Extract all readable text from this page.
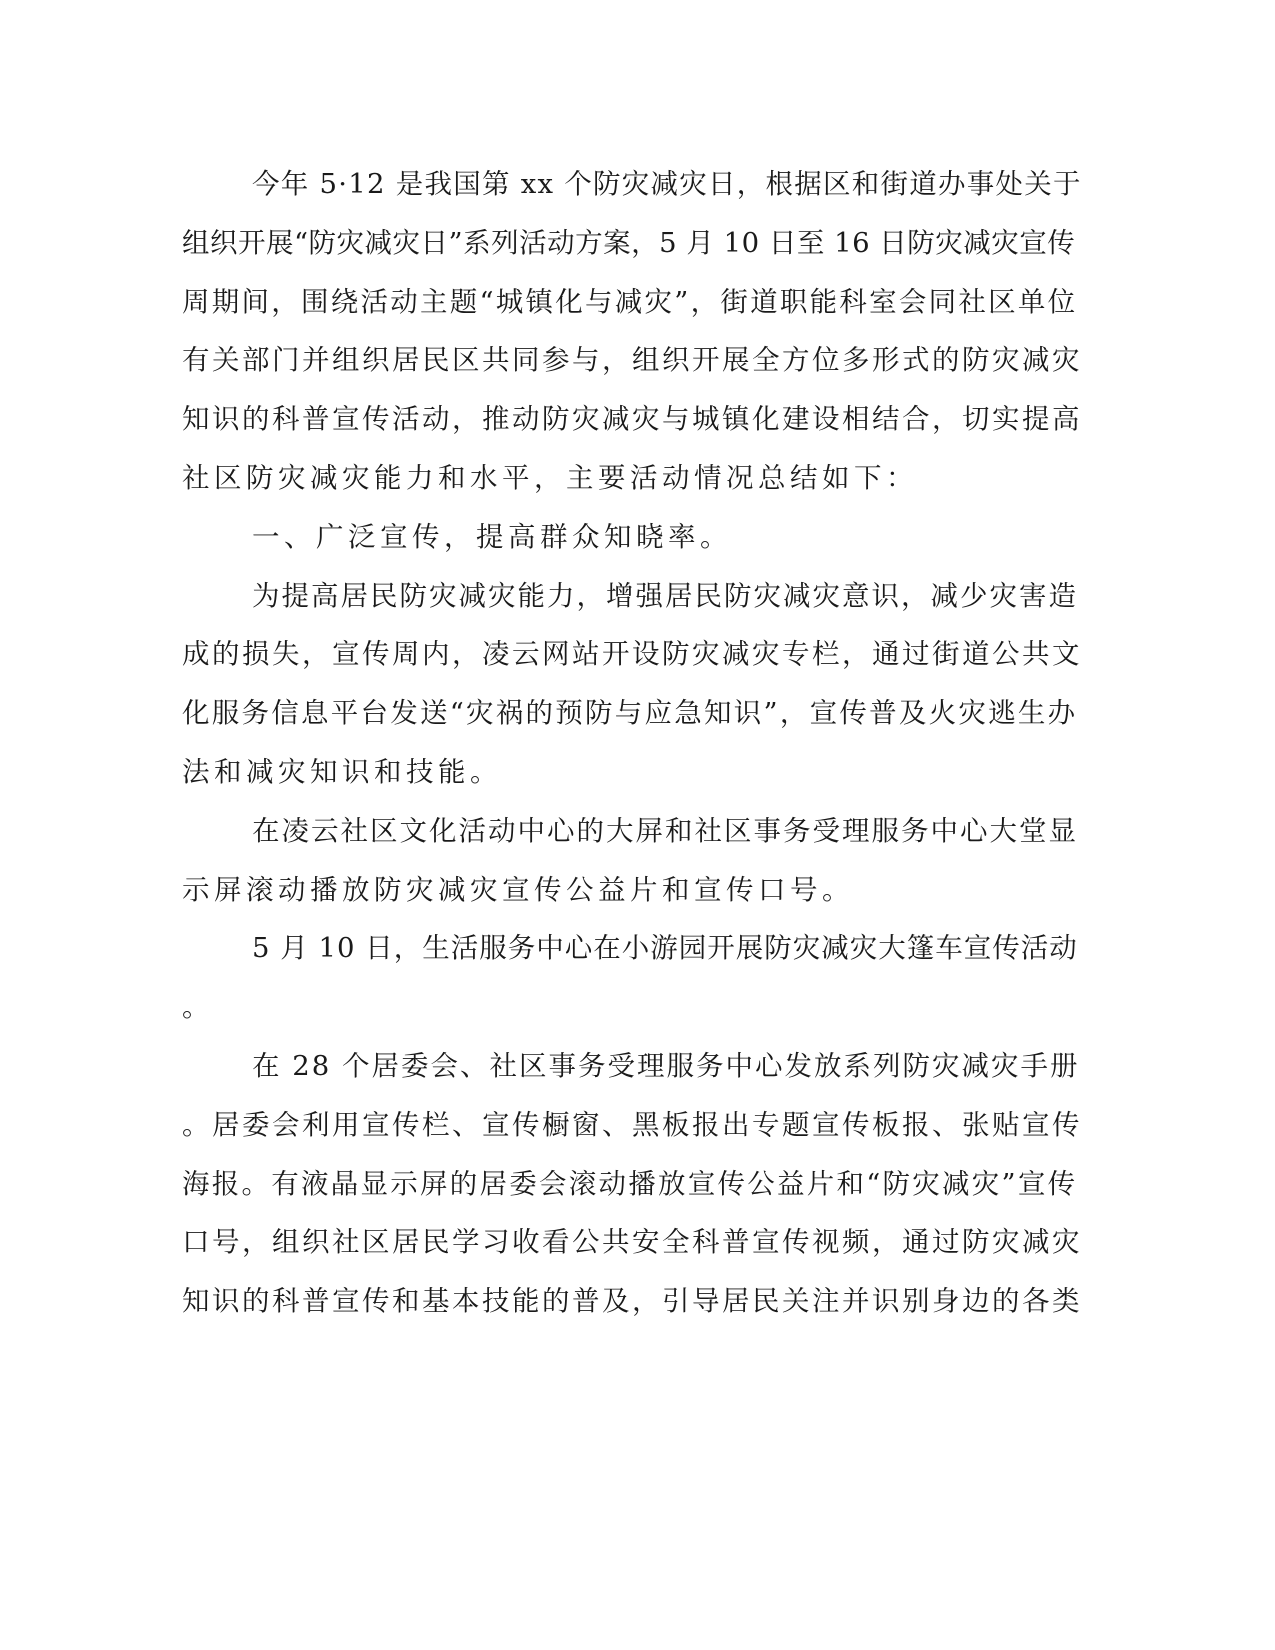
今年 5·12 是我国第 xx 个防灾减灾日，根据区和街道办事处关于
组织开展“防灾减灾日”系列活动方案，5 月 10 日至 16 日防灾减灾宣传
周期间，围绕活动主题“城镇化与减灾”，街道职能科室会同社区单位
有关部门并组织居民区共同参与，组织开展全方位多形式的防灾减灾
知识的科普宣传活动，推动防灾减灾与城镇化建设相结合，切实提高
社区防灾减灾能力和水平，主要活动情况总结如下：
一、广泛宣传，提高群众知晓率。
为提高居民防灾减灾能力，增强居民防灾减灾意识，减少灾害造
成的损失，宣传周内，凌云网站开设防灾减灾专栏，通过街道公共文
化服务信息平台发送“灾祸的预防与应急知识”，宣传普及火灾逃生办
法和减灾知识和技能。
在凌云社区文化活动中心的大屏和社区事务受理服务中心大堂显
示屏滚动播放防灾减灾宣传公益片和宣传口号。
5 月 10 日，生活服务中心在小游园开展防灾减灾大篷车宣传活动
。
在 28 个居委会、社区事务受理服务中心发放系列防灾减灾手册
。居委会利用宣传栏、宣传橱窗、黑板报出专题宣传板报、张贴宣传
海报。有液晶显示屏的居委会滚动播放宣传公益片和“防灾减灾”宣传
口号，组织社区居民学习收看公共安全科普宣传视频，通过防灾减灾
知识的科普宣传和基本技能的普及，引导居民关注并识别身边的各类
